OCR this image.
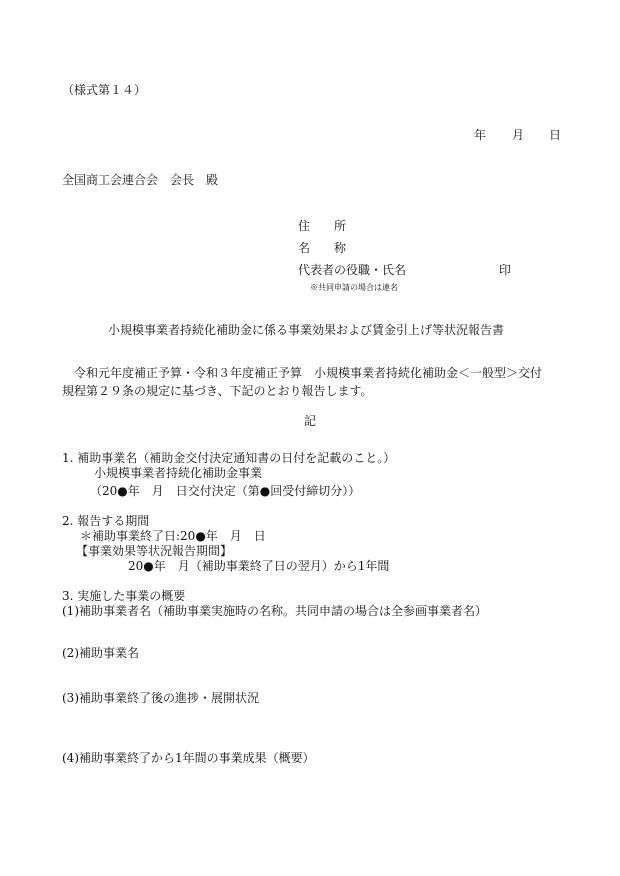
（様式第１４）
年 月 日
全国商工会連合会　会長　殿
住　　所
名　　称
代表者の役職・氏名	印
※共同申請の場合は連名
小規模事業者持続化補助金に係る事業効果および賃金引上げ等状況報告書
令和元年度補正予算・令和３年度補正予算　小規模事業者持続化補助金＜一般型＞交付
規程第２９条の規定に基づき、下記のとおり報告します。
記
1. 補助事業名（補助金交付決定通知書の日付を記載のこと。）
小規模事業者持続化補助金事業
（20●年　月　日交付決定（第●回受付締切分））
2. 報告する期間
＊補助事業終了日:20●年　月　日
【事業効果等状況報告期間】
20●年　月（補助事業終了日の翌月）から1年間
3. 実施した事業の概要
(1)補助事業者名（補助事業実施時の名称。共同申請の場合は全参画事業者名）
(2)補助事業名
(3)補助事業終了後の進捗・展開状況
(4)補助事業終了から1年間の事業成果（概要）
